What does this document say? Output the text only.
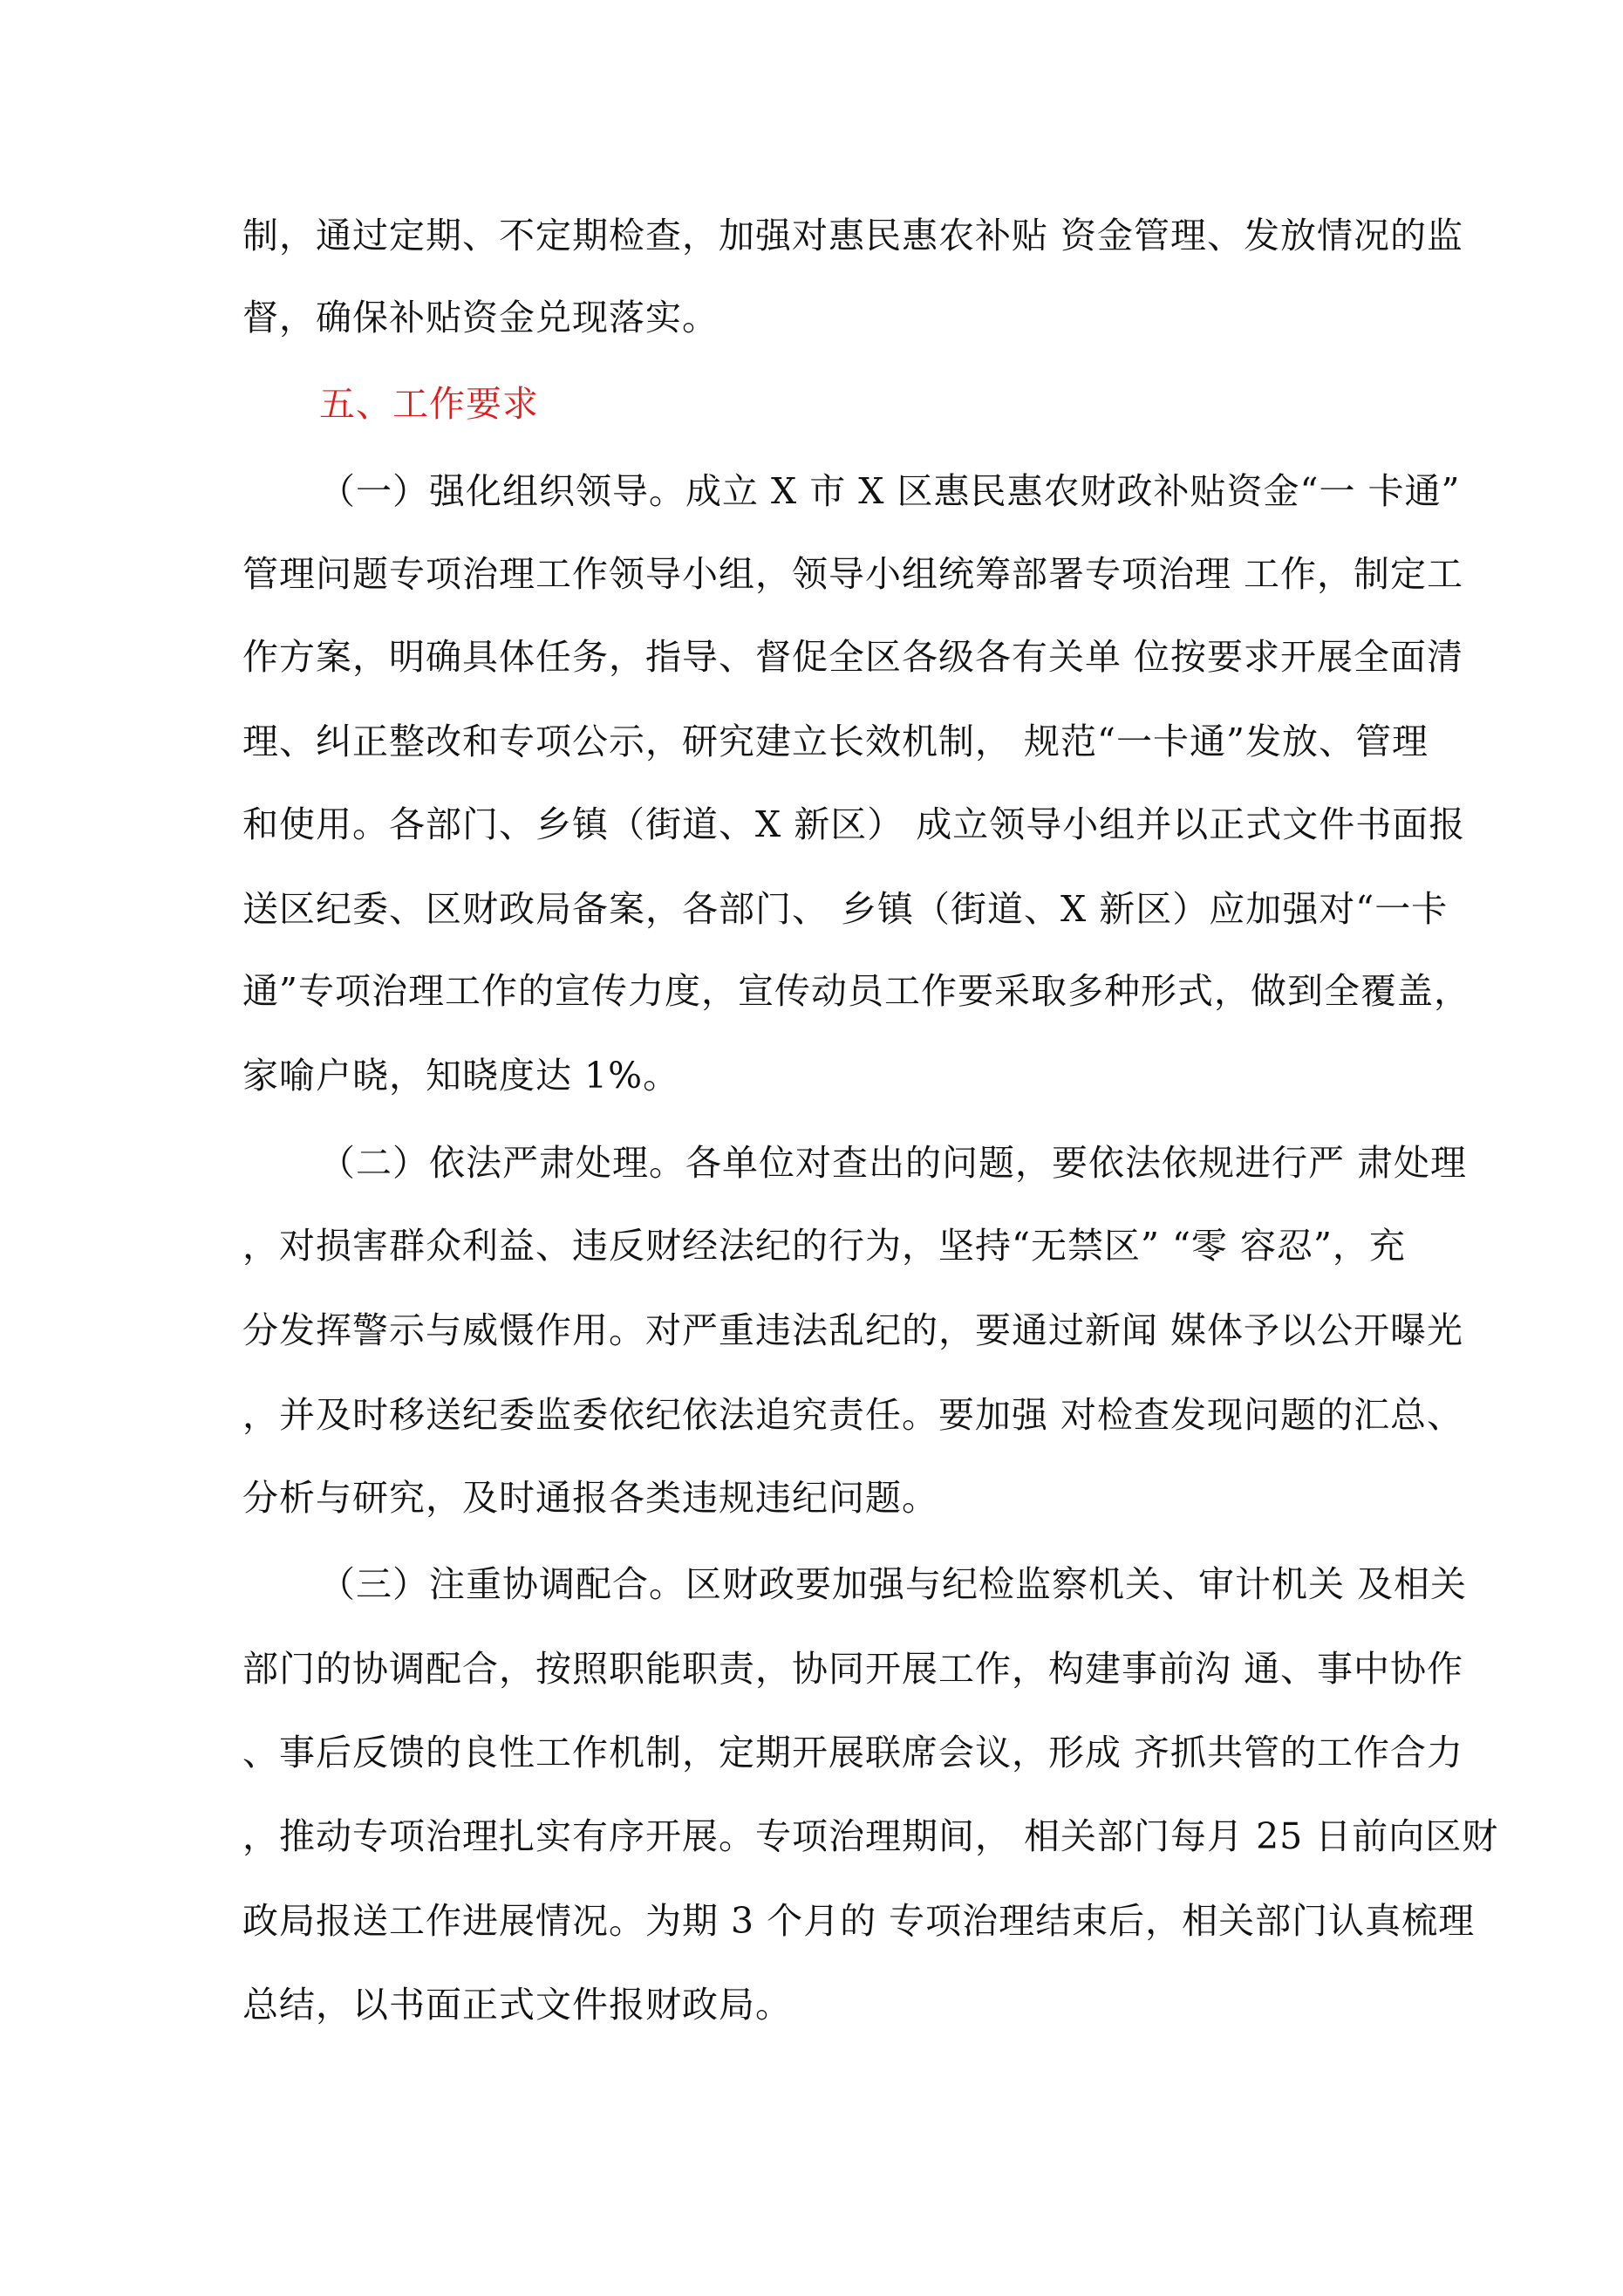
制，通过定期、不定期检查，加强对惠民惠农补贴 资金管理、发放情况的监
督，确保补贴资金兑现落实。
五、工作要求
（一）强化组织领导。成立 X 市 X 区惠民惠农财政补贴资金“一 卡通”
管理问题专项治理工作领导小组，领导小组统筹部署专项治理 工作，制定工
作方案，明确具体任务，指导、督促全区各级各有关单 位按要求开展全面清
理、纠正整改和专项公示，研究建立长效机制， 规范“一卡通”发放、管理
和使用。各部门、乡镇（街道、X 新区） 成立领导小组并以正式文件书面报
送区纪委、区财政局备案，各部门、 乡镇（街道、X 新区）应加强对“一卡
通”专项治理工作的宣传力度，宣传动员工作要采取多种形式，做到全覆盖，
家喻户晓，知晓度达 1%。
（二）依法严肃处理。各单位对查出的问题，要依法依规进行严 肃处理
，对损害群众利益、违反财经法纪的行为，坚持“无禁区” “零 容忍”，充
分发挥警示与威慑作用。对严重违法乱纪的，要通过新闻 媒体予以公开曝光
，并及时移送纪委监委依纪依法追究责任。要加强 对检查发现问题的汇总、
分析与研究，及时通报各类违规违纪问题。
（三）注重协调配合。区财政要加强与纪检监察机关、审计机关 及相关
部门的协调配合，按照职能职责，协同开展工作，构建事前沟 通、事中协作
、事后反馈的良性工作机制，定期开展联席会议，形成 齐抓共管的工作合力
，推动专项治理扎实有序开展。专项治理期间， 相关部门每月 25 日前向区财
政局报送工作进展情况。为期 3 个月的 专项治理结束后，相关部门认真梳理
总结，以书面正式文件报财政局。
